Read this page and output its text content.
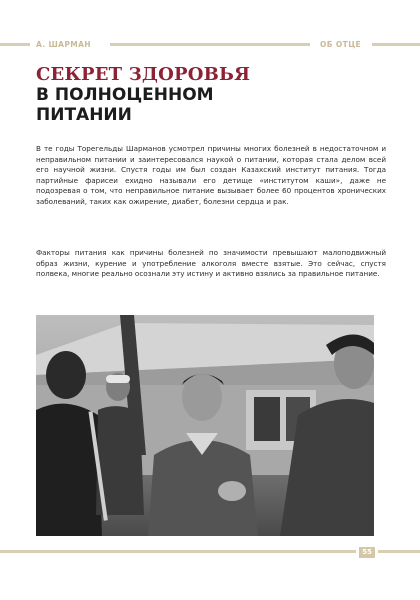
А. ШАРМАН	ОБ ОТЦЕ
СЕКРЕТ ЗДОРОВЬЯ
В ПОЛНОЦЕННОМ
ПИТАНИИ

В те годы Торегельды Шарманов усмотрел причины многих болезней в недостаточном и неправильном питании и заинтересовался наукой о питании, которая стала делом всей его научной жизни. Спустя годы им был создан Казахский институт питания. Тогда партийные фарисеи ехидно называли его детище «институтом каши», даже не подозревая о том, что неправильное питание вызывает более 60 процентов хронических заболеваний, таких как ожирение, диабет, болезни сердца и рак.

Факторы питания как причины болезней по значимости превышают малоподвижный образ жизни, курение и употребление алкоголя вместе взятые. Это сейчас, спустя полвека, многие реально осознали эту истину и активно взялись за правильное питание.

55
